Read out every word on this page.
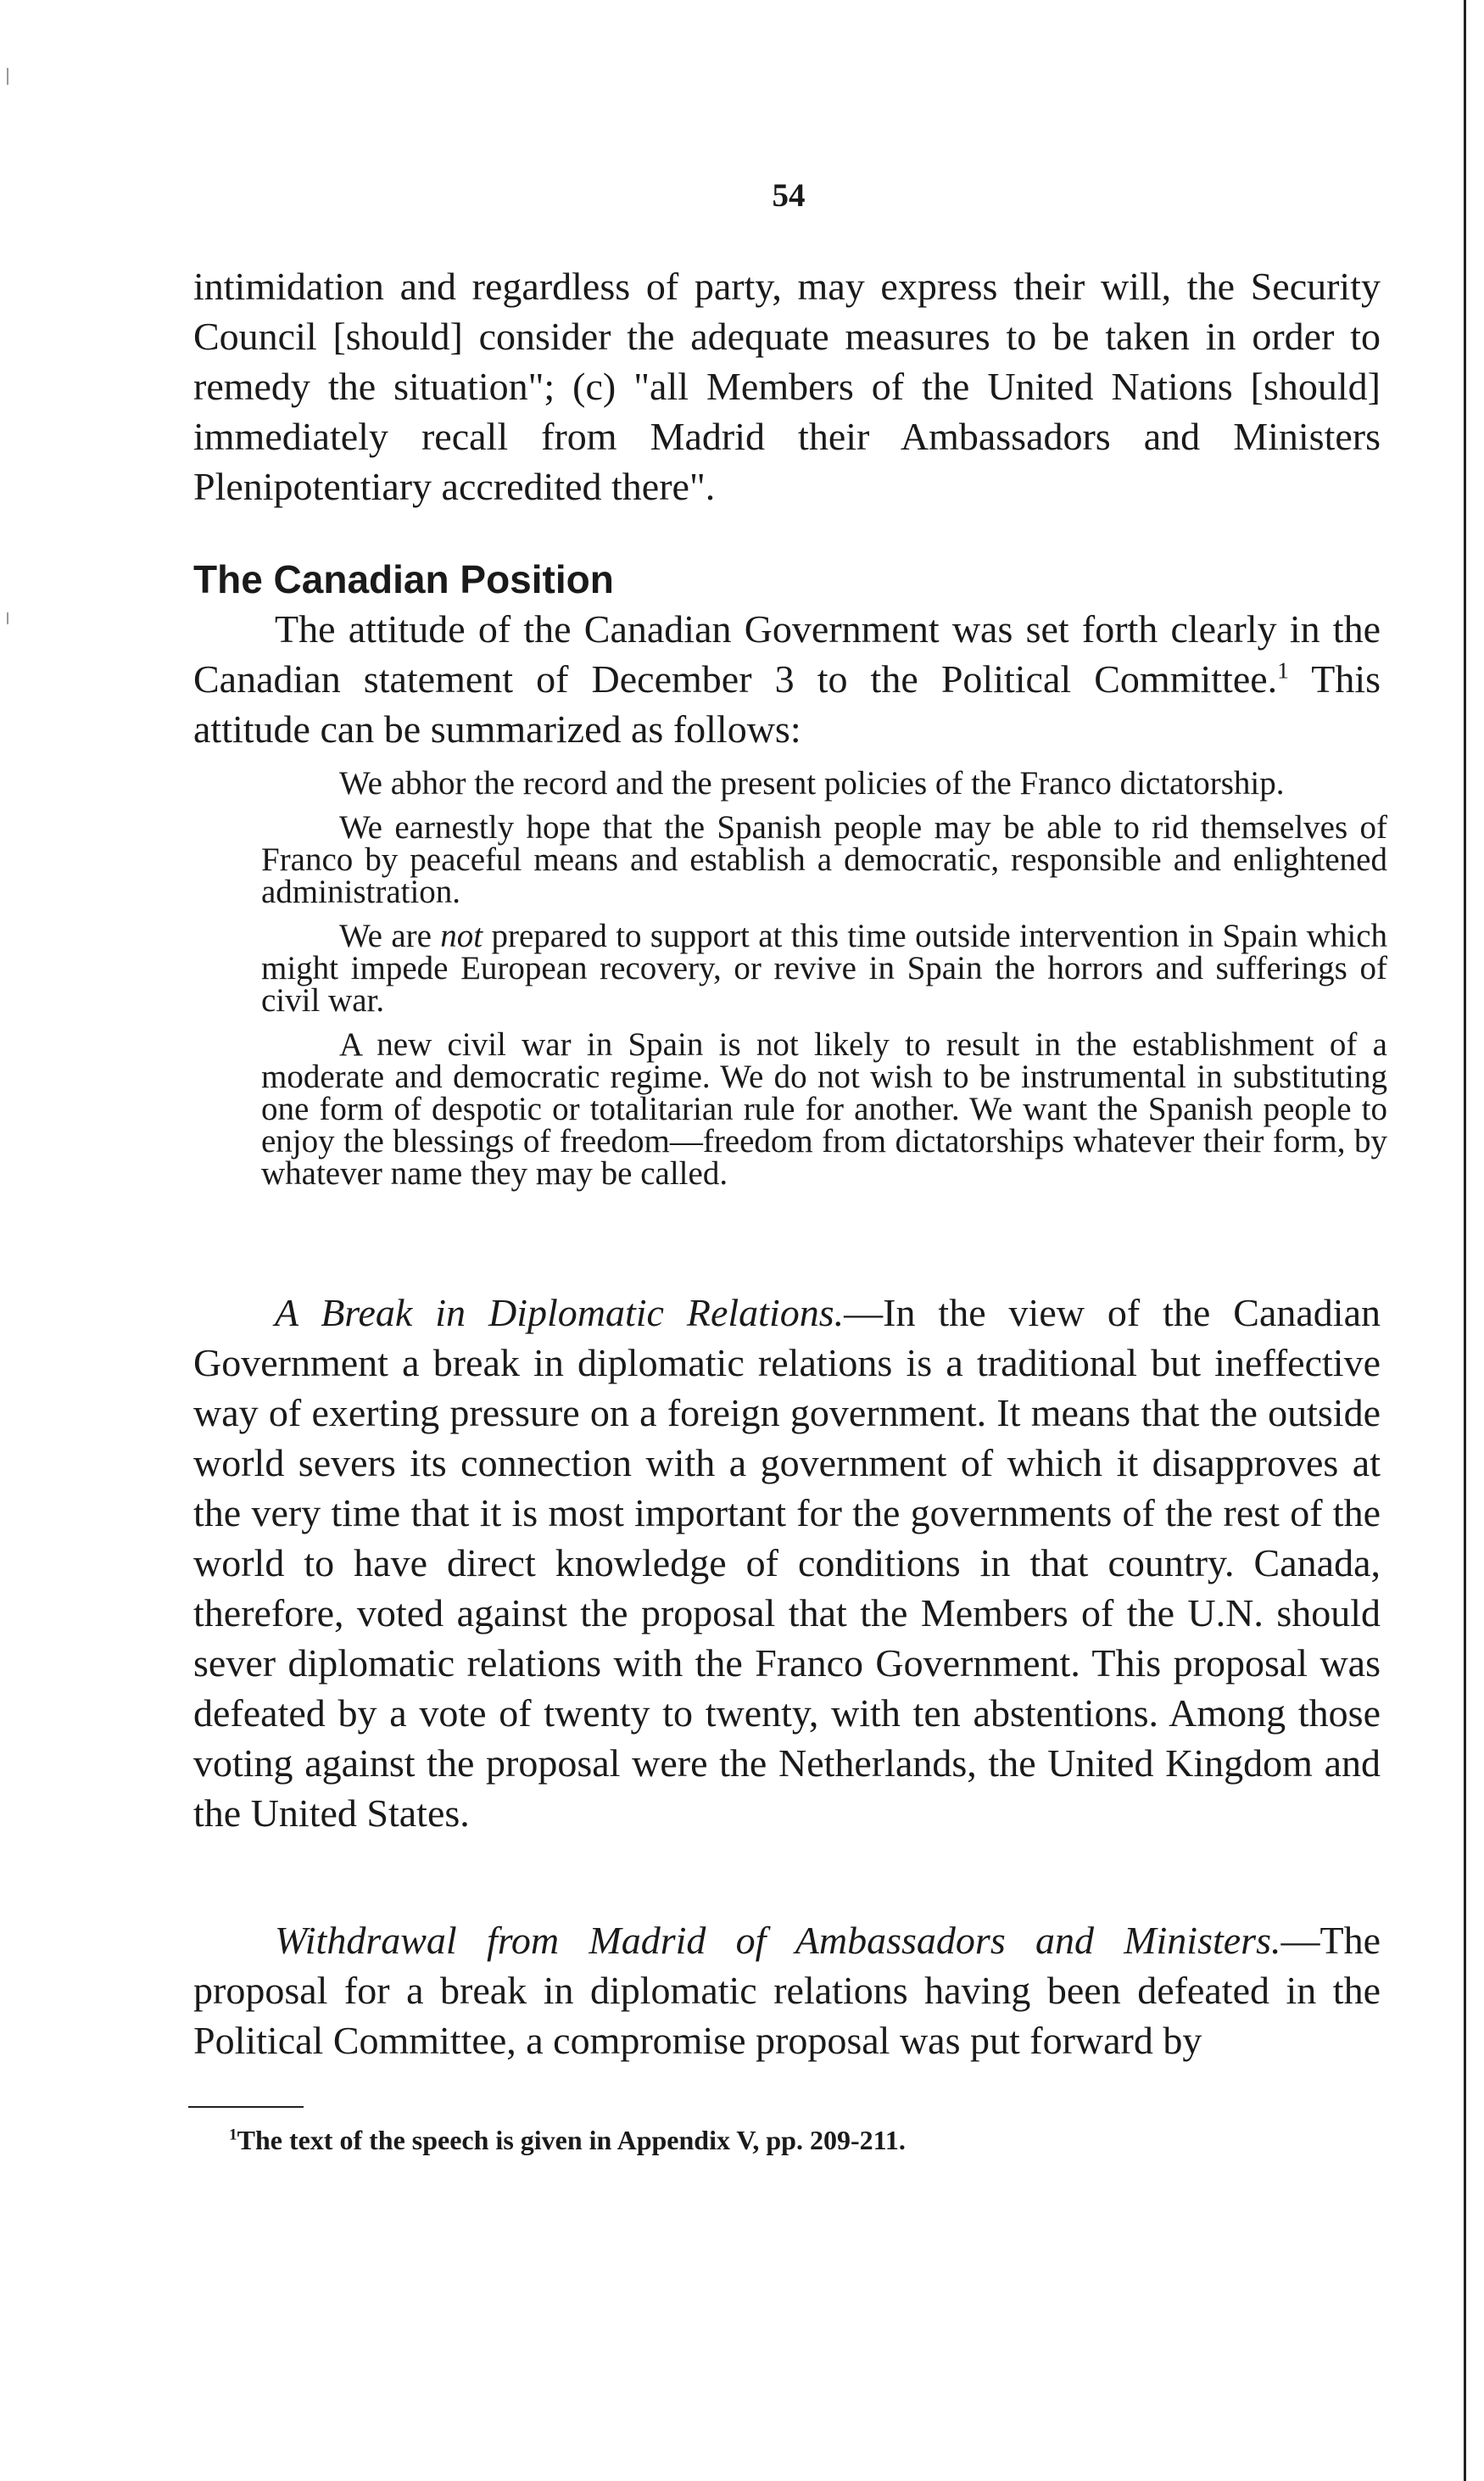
54

intimidation and regardless of party, may express their will, the Security Council [should] consider the adequate measures to be taken in order to remedy the situation"; (c) "all Members of the United Nations [should] immediately recall from Madrid their Ambassadors and Ministers Plenipotentiary accredited there".

The Canadian Position

The attitude of the Canadian Government was set forth clearly in the Canadian statement of December 3 to the Political Committee.$^1$ This attitude can be summarized as follows:

We abhor the record and the present policies of the Franco dictatorship.

We earnestly hope that the Spanish people may be able to rid themselves of Franco by peaceful means and establish a democratic, responsible and enlightened administration.

We are not prepared to support at this time outside intervention in Spain which might impede European recovery, or revive in Spain the horrors and sufferings of civil war.

A new civil war in Spain is not likely to result in the establishment of a moderate and democratic regime. We do not wish to be instrumental in substituting one form of despotic or totalitarian rule for another. We want the Spanish people to enjoy the blessings of freedom—freedom from dictatorships whatever their form, by whatever name they may be called.

A Break in Diplomatic Relations.—In the view of the Canadian Government a break in diplomatic relations is a traditional but ineffective way of exerting pressure on a foreign government. It means that the outside world severs its connection with a government of which it disapproves at the very time that it is most important for the governments of the rest of the world to have direct knowledge of conditions in that country. Canada, therefore, voted against the proposal that the Members of the U.N. should sever diplomatic relations with the Franco Government. This proposal was defeated by a vote of twenty to twenty, with ten abstentions. Among those voting against the proposal were the Netherlands, the United Kingdom and the United States.

Withdrawal from Madrid of Ambassadors and Ministers.—The proposal for a break in diplomatic relations having been defeated in the Political Committee, a compromise proposal was put forward by

$^1$The text of the speech is given in Appendix V, pp. 209-211.
